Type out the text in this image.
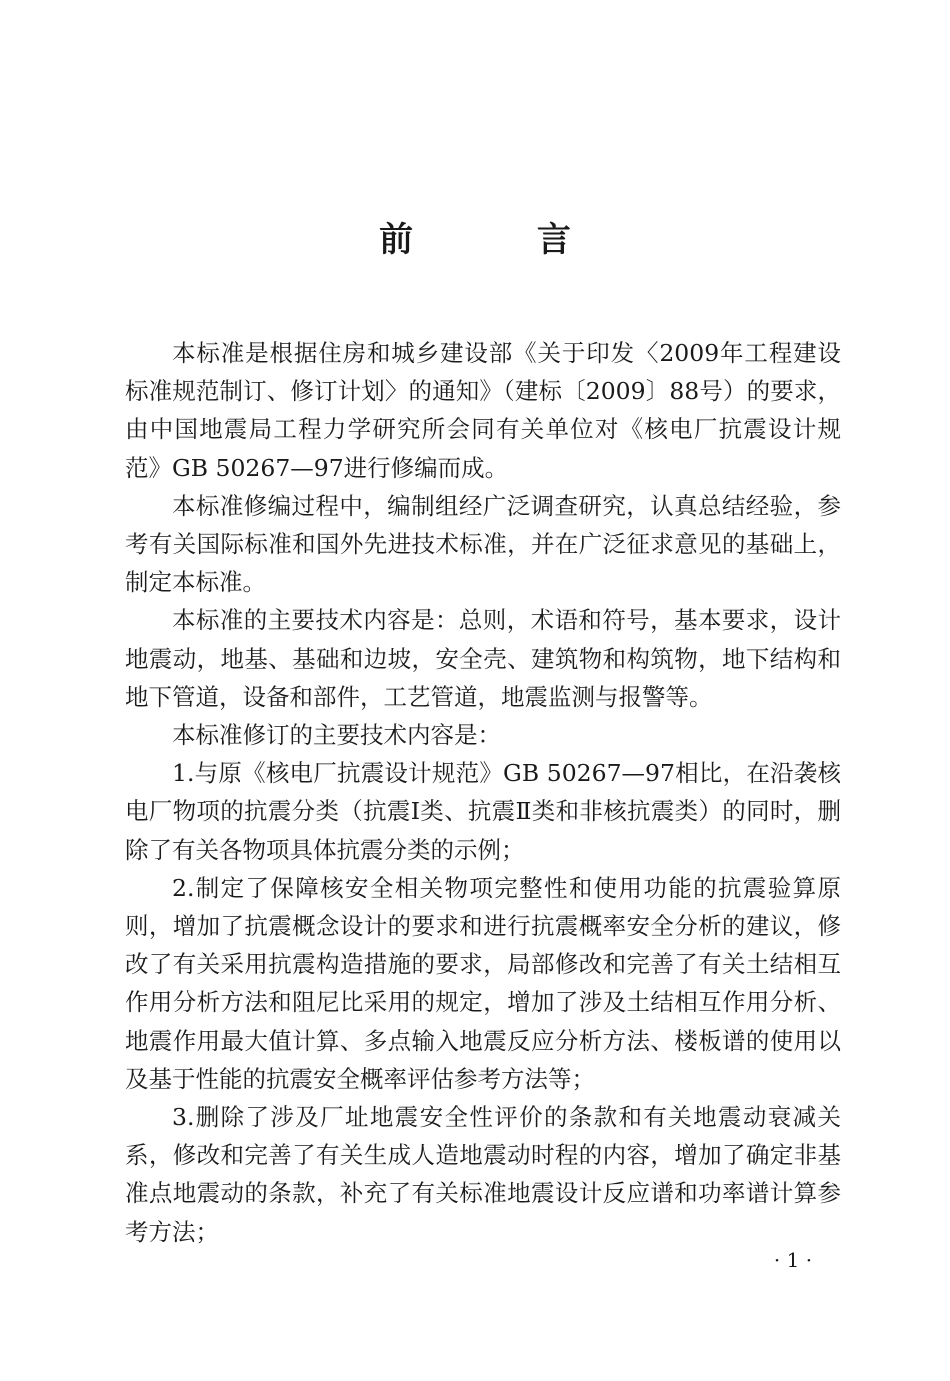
前 言

本标准是根据住房和城乡建设部《关于印发〈2009年工程建设标准规范制订、修订计划〉的通知》（建标〔2009〕88号）的要求，由中国地震局工程力学研究所会同有关单位对《核电厂抗震设计规范》GB 50267—97进行修编而成。

本标准修编过程中，编制组经广泛调查研究，认真总结经验，参考有关国际标准和国外先进技术标准，并在广泛征求意见的基础上，制定本标准。

本标准的主要技术内容是：总则，术语和符号，基本要求，设计地震动，地基、基础和边坡，安全壳、建筑物和构筑物，地下结构和地下管道，设备和部件，工艺管道，地震监测与报警等。

本标准修订的主要技术内容是：

1.与原《核电厂抗震设计规范》GB 50267—97相比，在沿袭核电厂物项的抗震分类（抗震Ⅰ类、抗震Ⅱ类和非核抗震类）的同时，删除了有关各物项具体抗震分类的示例；

2.制定了保障核安全相关物项完整性和使用功能的抗震验算原则，增加了抗震概念设计的要求和进行抗震概率安全分析的建议，修改了有关采用抗震构造措施的要求，局部修改和完善了有关土结相互作用分析方法和阻尼比采用的规定，增加了涉及土结相互作用分析、地震作用最大值计算、多点输入地震反应分析方法、楼板谱的使用以及基于性能的抗震安全概率评估参考方法等；

3.删除了涉及厂址地震安全性评价的条款和有关地震动衰减关系，修改和完善了有关生成人造地震动时程的内容，增加了确定非基准点地震动的条款，补充了有关标准地震设计反应谱和功率谱计算参考方法；

· 1 ·
